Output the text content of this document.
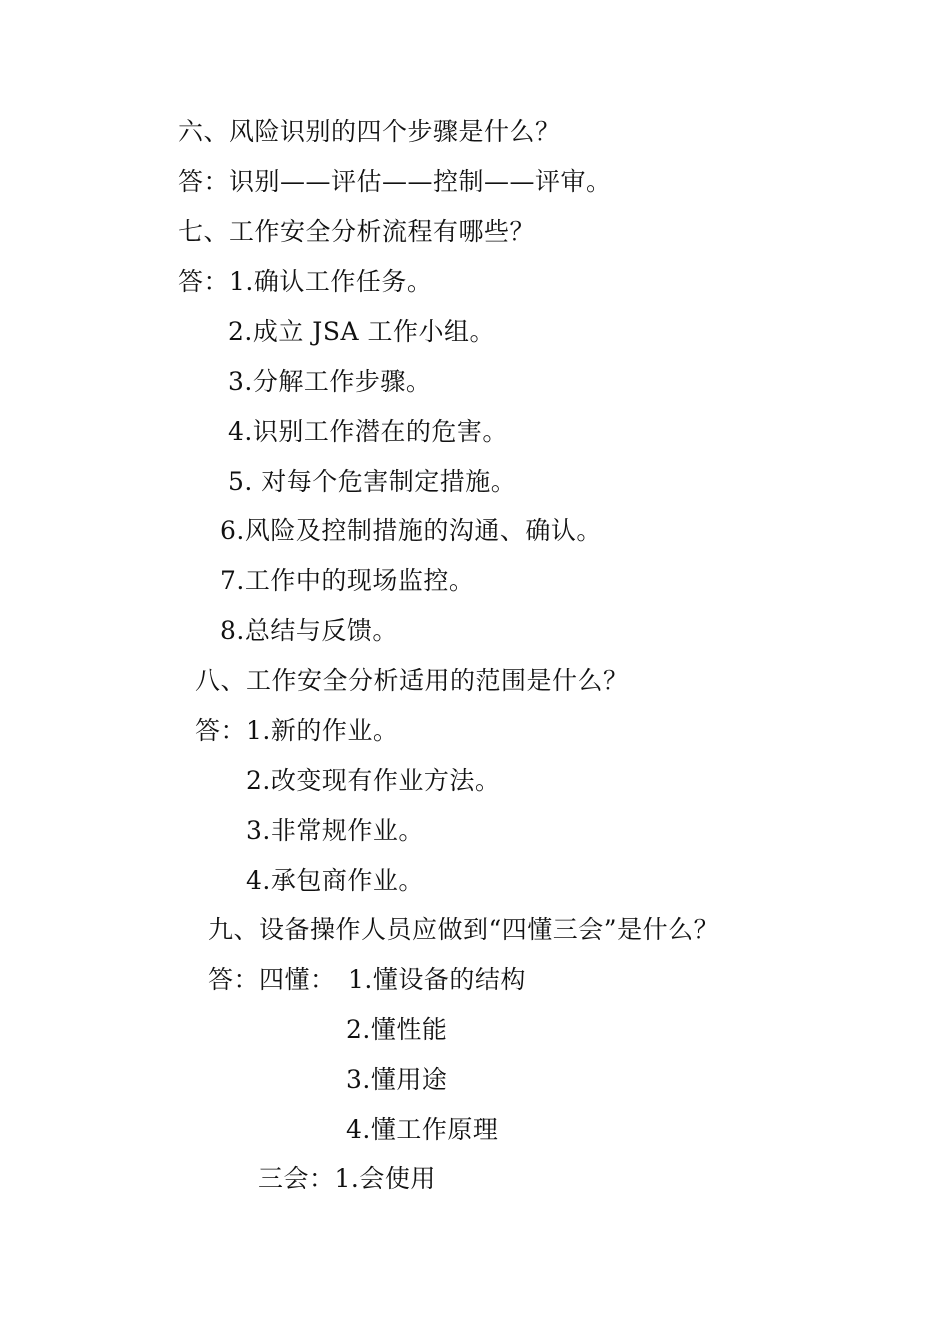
六、风险识别的四个步骤是什么？
答：识别——评估——控制——评审。
七、工作安全分析流程有哪些？
答：1.确认工作任务。
2.成立 JSA 工作小组。
3.分解工作步骤。
4.识别工作潜在的危害。
5. 对每个危害制定措施。
6.风险及控制措施的沟通、确认。
7.工作中的现场监控。
8.总结与反馈。
八、工作安全分析适用的范围是什么？
答：1.新的作业。
2.改变现有作业方法。
3.非常规作业。
4.承包商作业。
九、设备操作人员应做到“四懂三会”是什么？
答：四懂： 1.懂设备的结构
2.懂性能
3.懂用途
4.懂工作原理
三会：1.会使用
